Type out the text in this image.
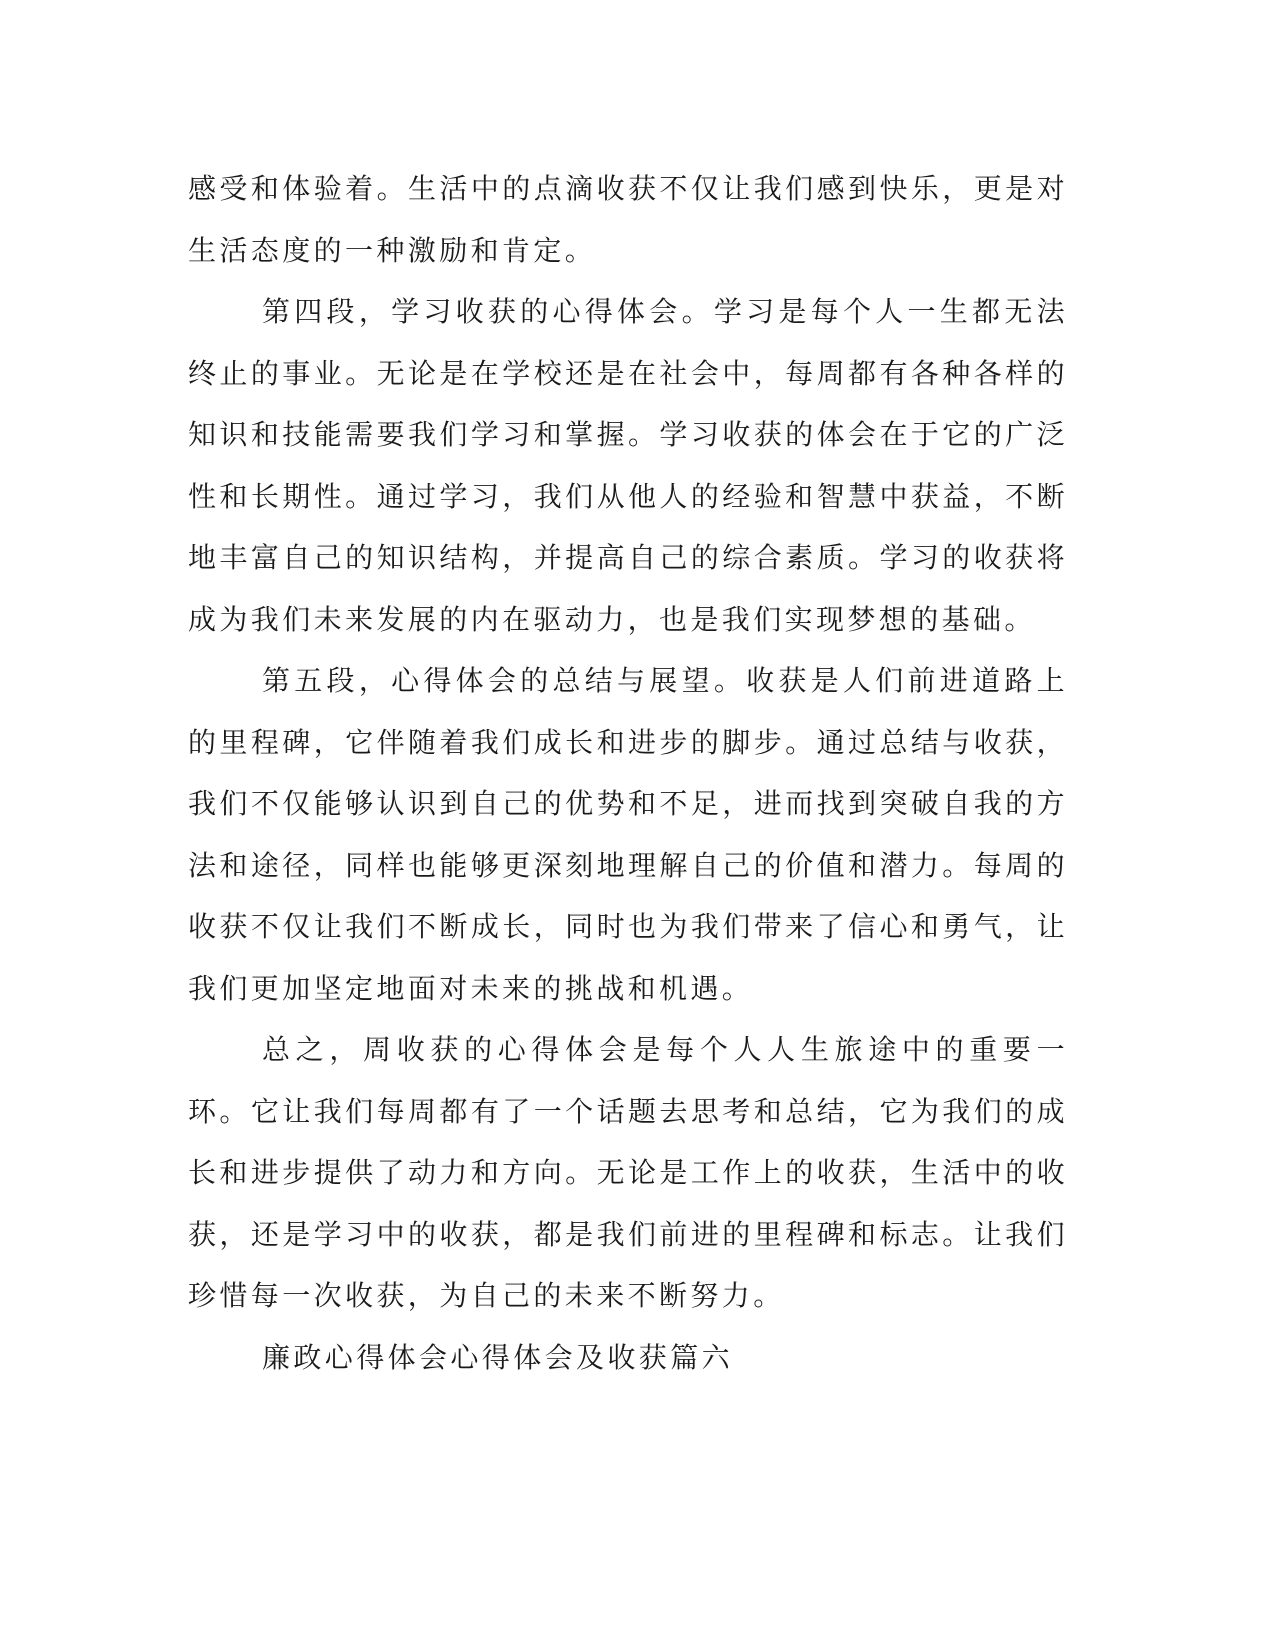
感受和体验着。生活中的点滴收获不仅让我们感到快乐，更是对生活态度的一种激励和肯定。

第四段，学习收获的心得体会。学习是每个人一生都无法终止的事业。无论是在学校还是在社会中，每周都有各种各样的知识和技能需要我们学习和掌握。学习收获的体会在于它的广泛性和长期性。通过学习，我们从他人的经验和智慧中获益，不断地丰富自己的知识结构，并提高自己的综合素质。学习的收获将成为我们未来发展的内在驱动力，也是我们实现梦想的基础。

第五段，心得体会的总结与展望。收获是人们前进道路上的里程碑，它伴随着我们成长和进步的脚步。通过总结与收获，我们不仅能够认识到自己的优势和不足，进而找到突破自我的方法和途径，同样也能够更深刻地理解自己的价值和潜力。每周的收获不仅让我们不断成长，同时也为我们带来了信心和勇气，让我们更加坚定地面对未来的挑战和机遇。

总之，周收获的心得体会是每个人人生旅途中的重要一环。它让我们每周都有了一个话题去思考和总结，它为我们的成长和进步提供了动力和方向。无论是工作上的收获，生活中的收获，还是学习中的收获，都是我们前进的里程碑和标志。让我们珍惜每一次收获，为自己的未来不断努力。

廉政心得体会心得体会及收获篇六
